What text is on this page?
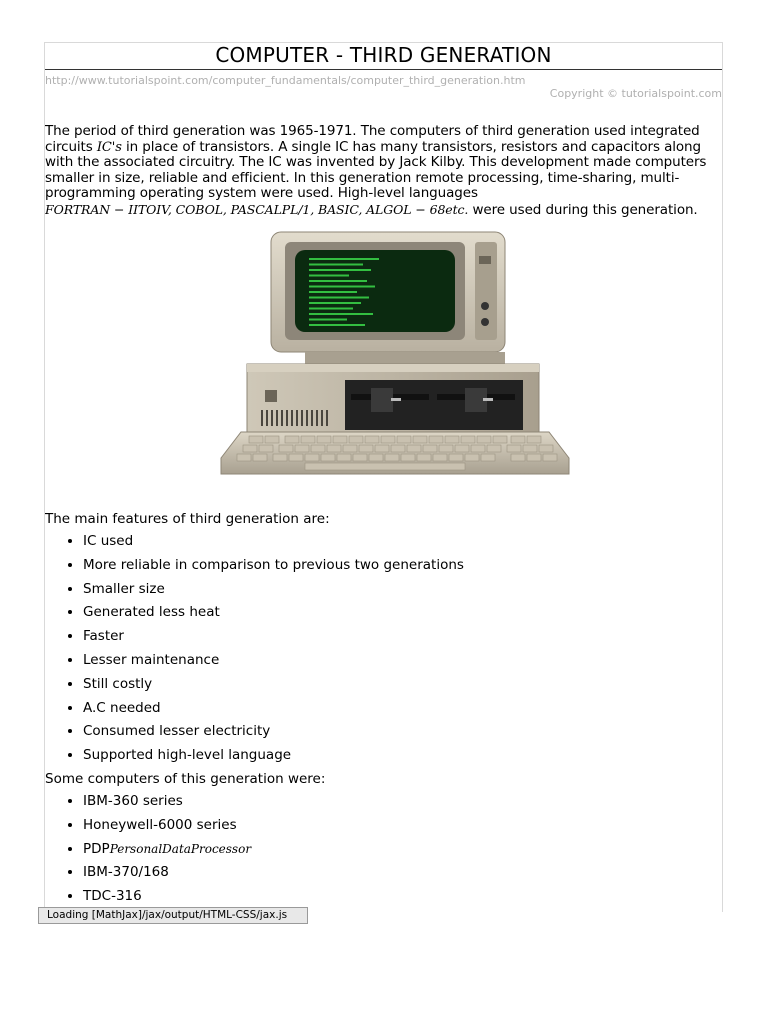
COMPUTER - THIRD GENERATION
http://www.tutorialspoint.com/computer_fundamentals/computer_third_generation.htm
Copyright © tutorialspoint.com
The period of third generation was 1965-1971. The computers of third generation used integrated circuits IC's in place of transistors. A single IC has many transistors, resistors and capacitors along with the associated circuitry. The IC was invented by Jack Kilby. This development made computers smaller in size, reliable and efficient. In this generation remote processing, time-sharing, multi-programming operating system were used. High-level languages
FORTRAN − IITOIV, COBOL, PASCALPL/1, BASIC, ALGOL − 68etc. were used during this generation.

The main features of third generation are:

• IC used
• More reliable in comparison to previous two generations
• Smaller size
• Generated less heat
• Faster
• Lesser maintenance
• Still costly
• A.C needed
• Consumed lesser electricity
• Supported high-level language

Some computers of this generation were:

• IBM-360 series
• Honeywell-6000 series
• PDPPersonalDataProcessor
• IBM-370/168
• TDC-316
Loading [MathJax]/jax/output/HTML-CSS/jax.js
